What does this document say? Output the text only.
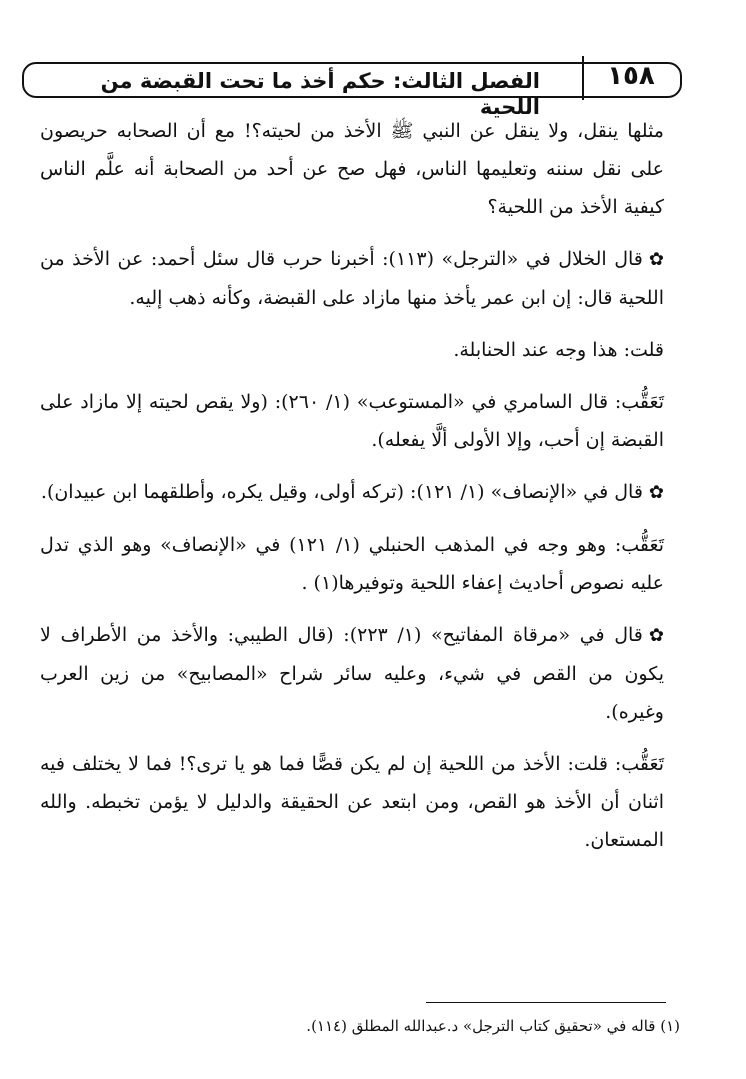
١٥٨
الفصل الثالث: حكم أخذ ما تحت القبضة من اللحية

مثلها ينقل، ولا ينقل عن النبي ﷺ الأخذ من لحيته؟! مع أن الصحابه حريصون على نقل سننه وتعليمها الناس، فهل صح عن أحد من الصحابة أنه علَّم الناس كيفية الأخذ من اللحية؟

✿قال الخلال في «الترجل» (١١٣): أخبرنا حرب قال سئل أحمد: عن الأخذ من اللحية قال: إن ابن عمر يأخذ منها مازاد على القبضة، وكأنه ذهب إليه.

قلت: هذا وجه عند الحنابلة.

تَعَقُّب: قال السامري في «المستوعب» (١/ ٢٦٠): (ولا يقص لحيته إلا مازاد على القبضة إن أحب، وإلا الأولى ألَّا يفعله).

✿قال في «الإنصاف» (١/ ١٢١): (تركه أولى، وقيل يكره، وأطلقهما ابن عبيدان).

تَعَقُّب: وهو وجه في المذهب الحنبلي (١/ ١٢١) في «الإنصاف» وهو الذي تدل عليه نصوص أحاديث إعفاء اللحية وتوفيرها(١) .

✿قال في «مرقاة المفاتيح» (١/ ٢٢٣): (قال الطيبي: والأخذ من الأطراف لا يكون من القص في شيء، وعليه سائر شراح «المصابيح» من زين العرب وغيره).

تَعَقُّب: قلت: الأخذ من اللحية إن لم يكن قصًّا فما هو يا ترى؟! فما لا يختلف فيه اثنان أن الأخذ هو القص، ومن ابتعد عن الحقيقة والدليل لا يؤمن تخبطه. والله المستعان.

(١) قاله في «تحقيق كتاب الترجل» د.عبدالله المطلق (١١٤).
